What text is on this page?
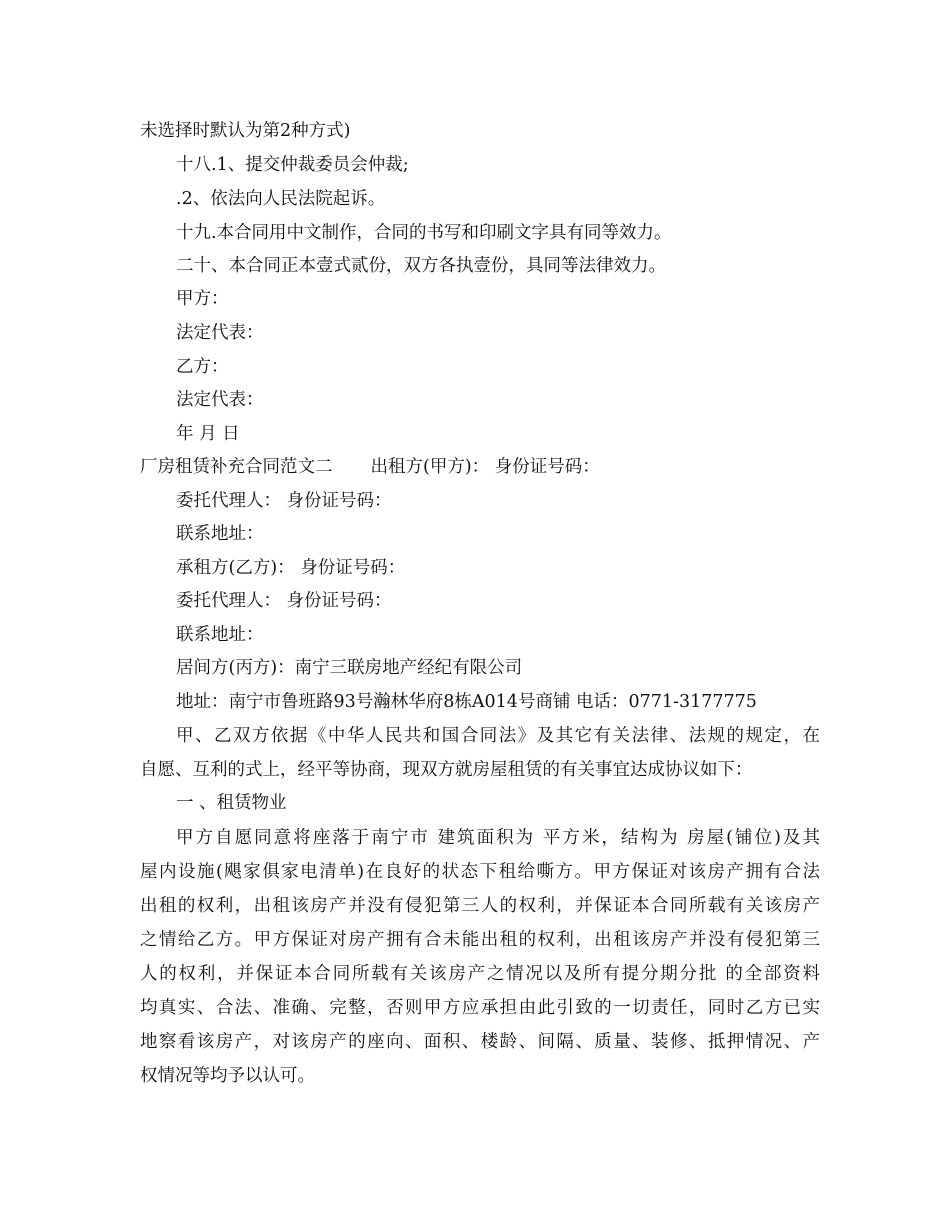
未选择时默认为第2种方式)
十八.1、提交仲裁委员会仲裁;
.2、依法向人民法院起诉。
十九.本合同用中文制作，合同的书写和印刷文字具有同等效力。
二十、本合同正本壹式贰份，双方各执壹份，具同等法律效力。
甲方：
法定代表：
乙方：
法定代表：
年 月 日
厂房租赁补充合同范文二 出租方(甲方)： 身份证号码：
委托代理人： 身份证号码：
联系地址：
承租方(乙方)： 身份证号码：
委托代理人： 身份证号码：
联系地址：
居间方(丙方)：南宁三联房地产经纪有限公司
地址：南宁市鲁班路93号瀚林华府8栋A014号商铺 电话：0771-3177775
甲、乙双方依据《中华人民共和国合同法》及其它有关法律、法规的规定，在
自愿、互利的式上，经平等协商，现双方就房屋租赁的有关事宜达成协议如下：
一 、租赁物业
甲方自愿同意将座落于南宁市 建筑面积为 平方米，结构为 房屋(铺位)及其
屋内设施(飓家俱家电清单)在良好的状态下租给嘶方。甲方保证对该房产拥有合法
出租的权利，出租该房产并没有侵犯第三人的权利，并保证本合同所载有关该房产
之情给乙方。甲方保证对房产拥有合未能出租的权利，出租该房产并没有侵犯第三
人的权利，并保证本合同所载有关该房产之情况以及所有提分期分批 的全部资料
均真实、合法、准确、完整，否则甲方应承担由此引致的一切责任，同时乙方已实
地察看该房产，对该房产的座向、面积、楼龄、间隔、质量、装修、抵押情况、产
权情况等均予以认可。
